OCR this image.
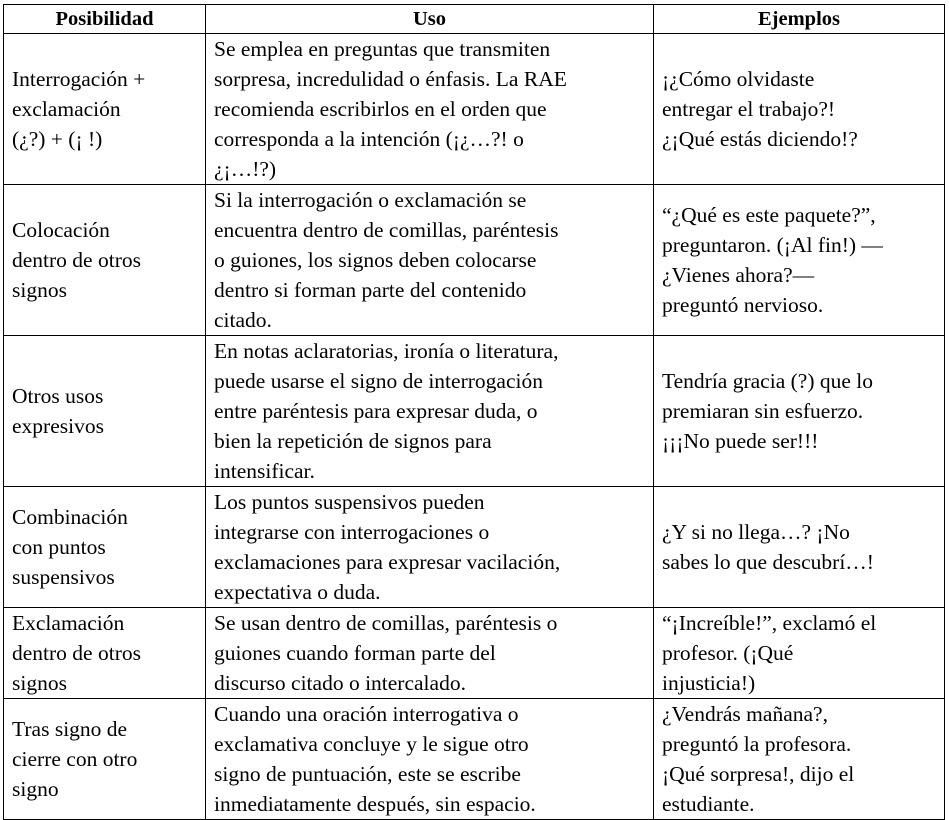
Posibilidad	Uso	Ejemplos

Interrogación +
exclamación
(¿?) + (¡ !)	Se emplea en preguntas que transmiten
sorpresa, incredulidad o énfasis. La RAE
recomienda escribirlos en el orden que
corresponda a la intención (¡¿…?! o
¿¡…!?)	¡¿Cómo olvidaste
entregar el trabajo?!
¿¡Qué estás diciendo!?

Colocación
dentro de otros
signos	Si la interrogación o exclamación se
encuentra dentro de comillas, paréntesis
o guiones, los signos deben colocarse
dentro si forman parte del contenido
citado.	“¿Qué es este paquete?”,
preguntaron. (¡Al fin!) —
¿Vienes ahora?—
preguntó nervioso.

Otros usos
expresivos	En notas aclaratorias, ironía o literatura,
puede usarse el signo de interrogación
entre paréntesis para expresar duda, o
bien la repetición de signos para
intensificar.	Tendría gracia (?) que lo
premiaran sin esfuerzo.
¡¡¡No puede ser!!!

Combinación
con puntos
suspensivos	Los puntos suspensivos pueden
integrarse con interrogaciones o
exclamaciones para expresar vacilación,
expectativa o duda.	¿Y si no llega…? ¡No
sabes lo que descubrí…!

Exclamación
dentro de otros
signos	Se usan dentro de comillas, paréntesis o
guiones cuando forman parte del
discurso citado o intercalado.	“¡Increíble!”, exclamó el
profesor. (¡Qué
injusticia!)

Tras signo de
cierre con otro
signo	Cuando una oración interrogativa o
exclamativa concluye y le sigue otro
signo de puntuación, este se escribe
inmediatamente después, sin espacio.	¿Vendrás mañana?,
preguntó la profesora.
¡Qué sorpresa!, dijo el
estudiante.
